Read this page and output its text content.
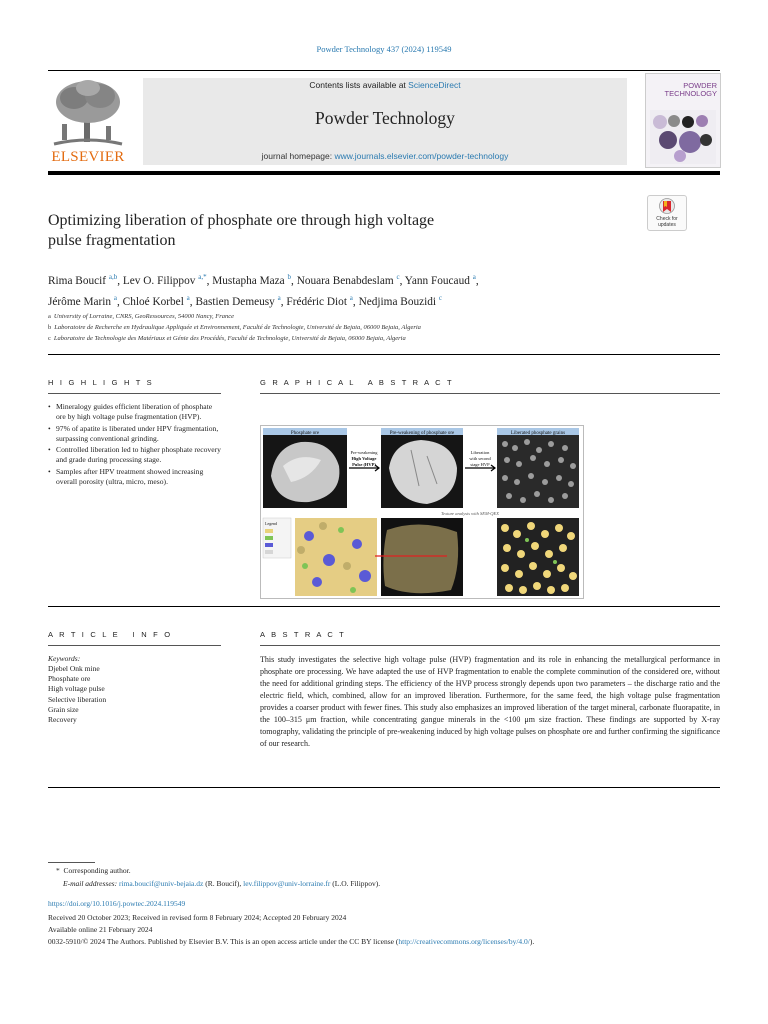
Powder Technology 437 (2024) 119549
ELSEVIER
Contents lists available at ScienceDirect
Powder Technology
journal homepage: www.journals.elsevier.com/powder-technology
POWDER
TECHNOLOGY
Check for
updates
Optimizing liberation of phosphate ore through high voltage
pulse fragmentation
Rima Boucif $^{a,b}$, Lev O. Filippov $^{a,*}$, Mustapha Maza $^b$, Nouara Benabdeslam $^c$, Yann Foucaud $^a$,
Jérôme Marin $^a$, Chloé Korbel $^a$, Bastien Demeusy $^a$, Frédéric Diot $^a$, Nedjima Bouzidi $^c$
a University of Lorraine, CNRS, GeoRessources, 54000 Nancy, France
b Laboratoire de Recherche en Hydraulique Appliquée et Environnement, Faculté de Technologie, Université de Bejaia, 06000 Bejaia, Algeria
c Laboratoire de Technologie des Matériaux et Génie des Procédés, Faculté de Technologie, Université de Bejaia, 06000 Bejaia, Algeria
H I G H L I G H T S	G R A P H I C A L   A B S T R A C T
• Mineralogy guides efficient liberation of phosphate ore by high voltage pulse fragmentation (HVP).
• 97% of apatite is liberated under HPV fragmentation, surpassing conventional grinding.
• Controlled liberation led to higher phosphate recovery and grade during processing stage.
• Samples after HPV treatment showed increasing overall porosity (ultra, micro, meso).
Phosphate ore	Pre-weakening of phosphate ore	Liberated phosphate grains
Pre-weakening
High Voltage
Pulse (HVP)
Liberation
with second
stage HVP
Texture analysis with SEM-QEX
Legend
A R T I C L E   I N F O	A B S T R A C T
Keywords:
Djebel Onk mine
Phosphate ore
High voltage pulse
Selective liberation
Grain size
Recovery
This study investigates the selective high voltage pulse (HVP) fragmentation and its role in enhancing the metallurgical performance in phosphate ore processing. We have adapted the use of HVP fragmentation to enable the complete comminution of the considered ore, without the need for additional grinding steps. The efficiency of the HVP process strongly depends upon two parameters – the discharge ratio and the electric field, which, combined, allow for an improved liberation. Furthermore, for the same feed, the high voltage pulse fragmentation provides a coarser product with fewer fines. This study also emphasizes an improved liberation of the target mineral, carbonate fluorapatite, in the 100–315 μm fraction, while concentrating gangue minerals in the <100 μm size fraction. These findings are supported by X-ray tomography, validating the principle of pre-weakening induced by high voltage pulses on phosphate ore and further confirming the significance of our research.
* Corresponding author.
E-mail addresses: rima.boucif@univ-bejaia.dz (R. Boucif), lev.filippov@univ-lorraine.fr (L.O. Filippov).
https://doi.org/10.1016/j.powtec.2024.119549
Received 20 October 2023; Received in revised form 8 February 2024; Accepted 20 February 2024
Available online 21 February 2024
0032-5910/© 2024 The Authors. Published by Elsevier B.V. This is an open access article under the CC BY license (http://creativecommons.org/licenses/by/4.0/).
